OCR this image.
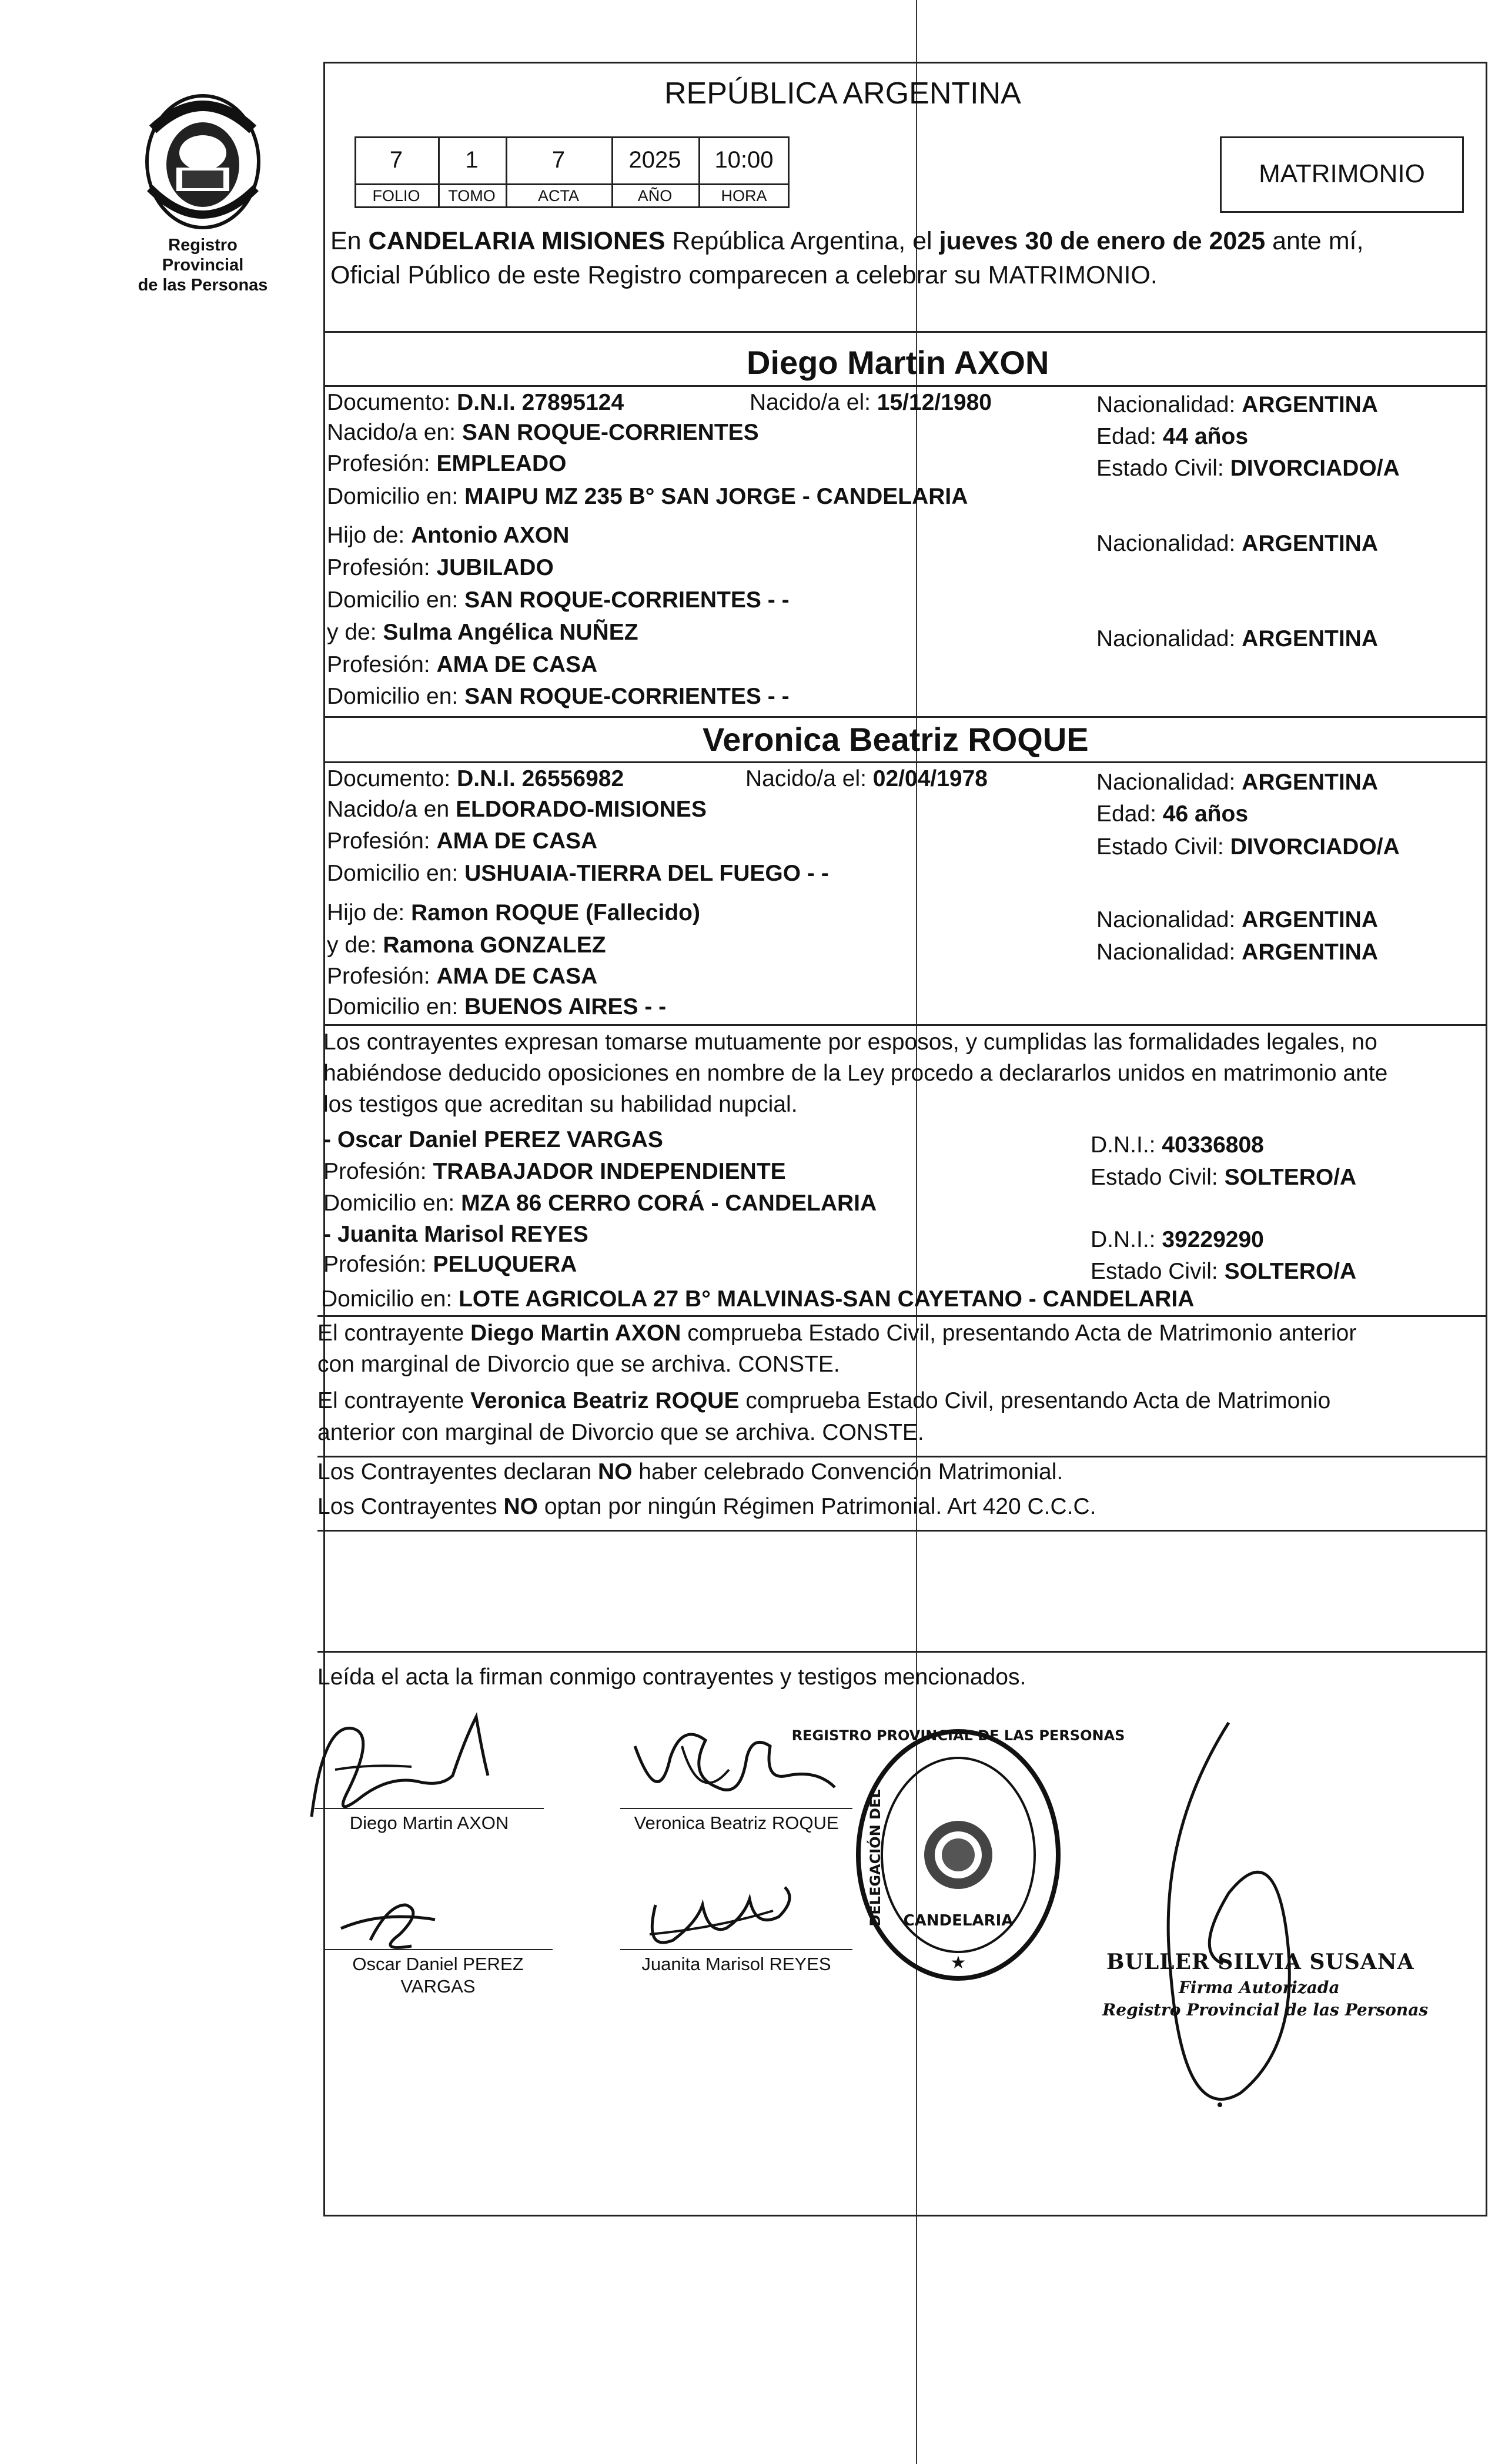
Registro Provincial
de las Personas
REPÚBLICA ARGENTINA
7	1	7	2025	10:00
FOLIO	TOMO	ACTA	AÑO	HORA
MATRIMONIO
En CANDELARIA MISIONES República Argentina, el jueves 30 de enero de 2025 ante mí,
Oficial Público de este Registro comparecen a celebrar su MATRIMONIO.
Diego Martin AXON
Documento: D.N.I. 27895124	Nacido/a el: 15/12/1980	Nacionalidad: ARGENTINA
Nacido/a en: SAN ROQUE-CORRIENTES	Edad: 44 años
Profesión: EMPLEADO	Estado Civil: DIVORCIADO/A
Domicilio en: MAIPU MZ 235 B° SAN JORGE - CANDELARIA
Hijo de: Antonio AXON	Nacionalidad: ARGENTINA
Profesión: JUBILADO
Domicilio en: SAN ROQUE-CORRIENTES - -
y de: Sulma Angélica NUÑEZ	Nacionalidad: ARGENTINA
Profesión: AMA DE CASA
Domicilio en: SAN ROQUE-CORRIENTES - -
Veronica Beatriz ROQUE
Documento: D.N.I. 26556982	Nacido/a el: 02/04/1978	Nacionalidad: ARGENTINA
Nacido/a en ELDORADO-MISIONES	Edad: 46 años
Profesión: AMA DE CASA	Estado Civil: DIVORCIADO/A
Domicilio en: USHUAIA-TIERRA DEL FUEGO - -
Hijo de: Ramon ROQUE (Fallecido)	Nacionalidad: ARGENTINA
y de: Ramona GONZALEZ	Nacionalidad: ARGENTINA
Profesión: AMA DE CASA
Domicilio en: BUENOS AIRES - -
Los contrayentes expresan tomarse mutuamente por esposos, y cumplidas las formalidades legales, no
habiéndose deducido oposiciones en nombre de la Ley procedo a declararlos unidos en matrimonio ante
los testigos que acreditan su habilidad nupcial.
- Oscar Daniel PEREZ VARGAS	D.N.I.: 40336808
Profesión: TRABAJADOR INDEPENDIENTE	Estado Civil: SOLTERO/A
Domicilio en: MZA 86 CERRO CORÁ - CANDELARIA
- Juanita Marisol REYES	D.N.I.: 39229290
Profesión: PELUQUERA	Estado Civil: SOLTERO/A
Domicilio en: LOTE AGRICOLA 27 B° MALVINAS-SAN CAYETANO - CANDELARIA
El contrayente Diego Martin AXON comprueba Estado Civil, presentando Acta de Matrimonio anterior
con marginal de Divorcio que se archiva. CONSTE.
El contrayente Veronica Beatriz ROQUE comprueba Estado Civil, presentando Acta de Matrimonio
anterior con marginal de Divorcio que se archiva. CONSTE.
Los Contrayentes declaran NO haber celebrado Convención Matrimonial.
Los Contrayentes NO optan por ningún Régimen Patrimonial. Art 420 C.C.C.
Leída el acta la firman conmigo contrayentes y testigos mencionados.
Diego Martin AXON	Veronica Beatriz ROQUE
Oscar Daniel PEREZ
VARGAS
Juanita Marisol REYES
REGISTRO PROVINCIAL DE LAS PERSONAS
DELEGACIÓN DEL CANDELARIA
★	BULLER SILVIA SUSANA
Firma Autorizada
Registro Provincial de las Personas
